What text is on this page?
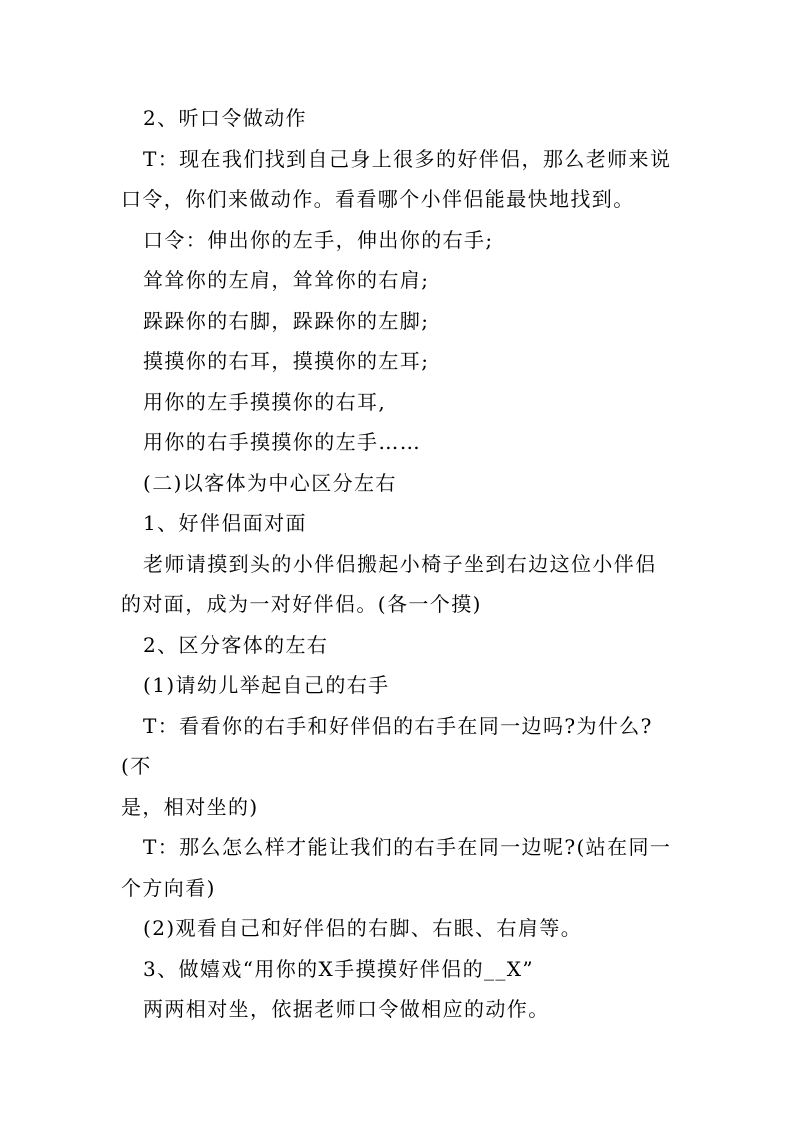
2、听口令做动作

T：现在我们找到自己身上很多的好伴侣，那么老师来说

口令，你们来做动作。看看哪个小伴侣能最快地找到。

口令：伸出你的左手，伸出你的右手;

耸耸你的左肩，耸耸你的右肩;

跺跺你的右脚，跺跺你的左脚;

摸摸你的右耳，摸摸你的左耳;

用你的左手摸摸你的右耳,

用你的右手摸摸你的左手……

(二)以客体为中心区分左右

1、好伴侣面对面

老师请摸到头的小伴侣搬起小椅子坐到右边这位小伴侣

的对面，成为一对好伴侣。(各一个摸)

2、区分客体的左右

(1)请幼儿举起自己的右手

T：看看你的右手和好伴侣的右手在同一边吗?为什么?(不

是，相对坐的)

T：那么怎么样才能让我们的右手在同一边呢?(站在同一

个方向看)

(2)观看自己和好伴侣的右脚、右眼、右肩等。

3、做嬉戏“用你的X手摸摸好伴侣的__X”

两两相对坐，依据老师口令做相应的动作。
